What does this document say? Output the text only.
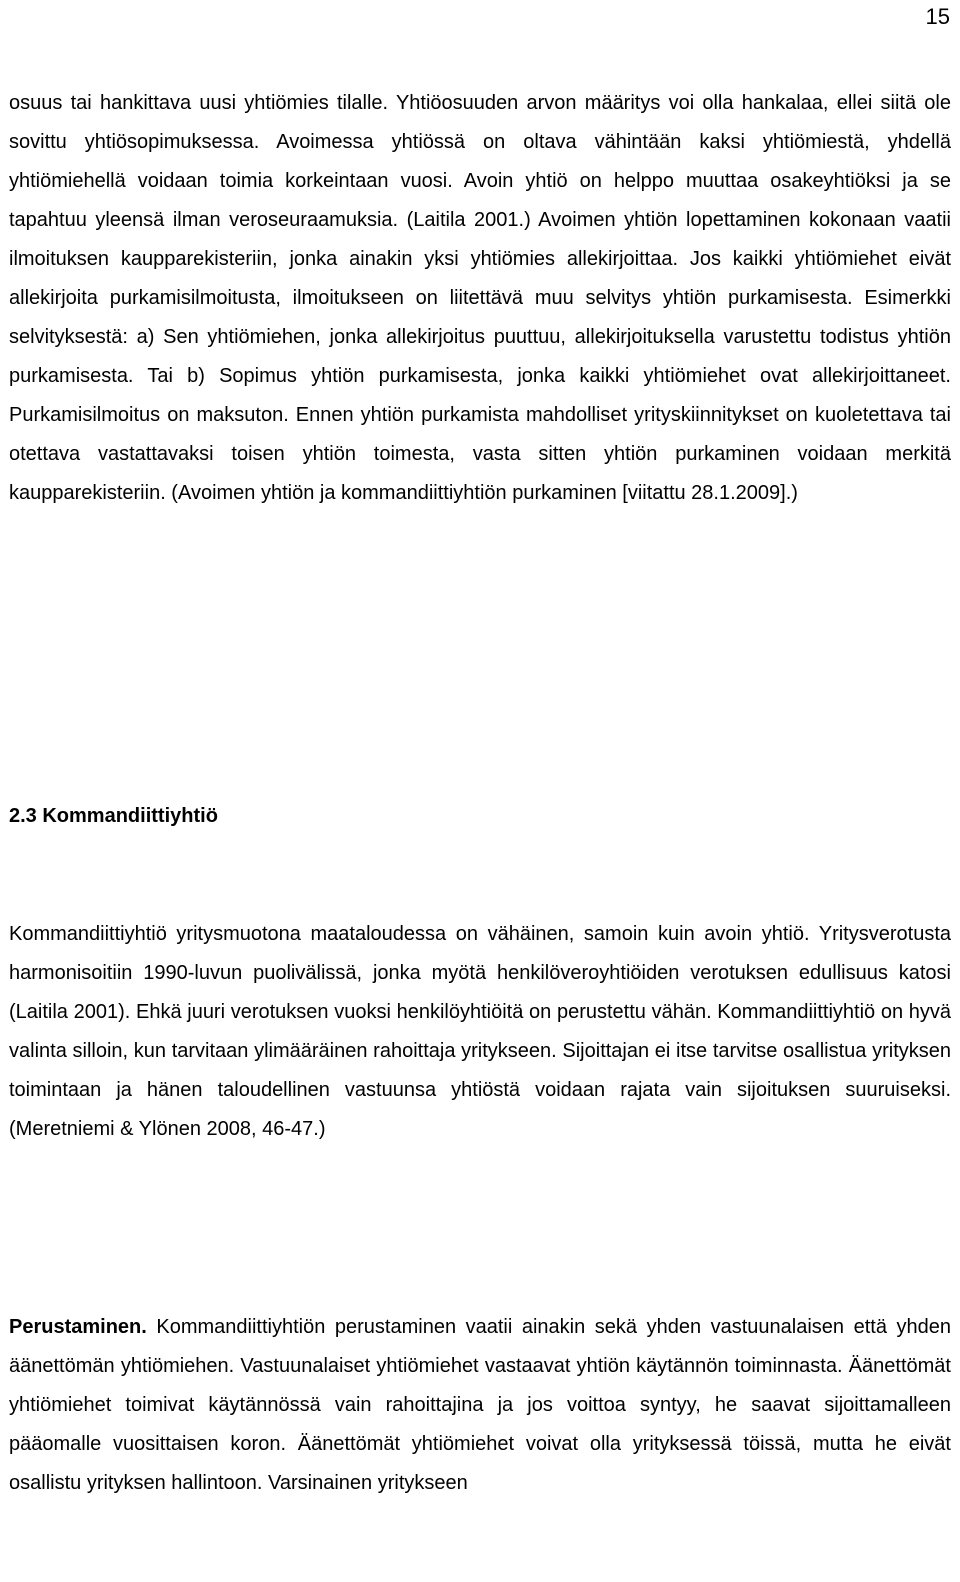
15

osuus tai hankittava uusi yhtiömies tilalle. Yhtiöosuuden arvon määritys voi olla hankalaa, ellei siitä ole sovittu yhtiösopimuksessa. Avoimessa yhtiössä on oltava vähintään kaksi yhtiömiestä, yhdellä yhtiömiehellä voidaan toimia korkeintaan vuosi. Avoin yhtiö on helppo muuttaa osakeyhtiöksi ja se tapahtuu yleensä ilman veroseuraamuksia. (Laitila 2001.) Avoimen yhtiön lopettaminen kokonaan vaatii ilmoituksen kaupparekisteriin, jonka ainakin yksi yhtiömies allekirjoittaa. Jos kaikki yhtiömiehet eivät allekirjoita purkamisilmoitusta, ilmoitukseen on liitettävä muu selvitys yhtiön purkamisesta. Esimerkki selvityksestä: a) Sen yhtiömiehen, jonka allekirjoitus puuttuu, allekirjoituksella varustettu todistus yhtiön purkamisesta. Tai b) Sopimus yhtiön purkamisesta, jonka kaikki yhtiömiehet ovat allekirjoittaneet. Purkamisilmoitus on maksuton. Ennen yhtiön purkamista mahdolliset yrityskiinnitykset on kuoletettava tai otettava vastattavaksi toisen yhtiön toimesta, vasta sitten yhtiön purkaminen voidaan merkitä kaupparekisteriin. (Avoimen yhtiön ja kommandiittiyhtiön purkaminen [viitattu 28.1.2009].)

2.3 Kommandiittiyhtiö

Kommandiittiyhtiö yritysmuotona maataloudessa on vähäinen, samoin kuin avoin yhtiö. Yritysverotusta harmonisoitiin 1990-luvun puolivälissä, jonka myötä henkilöveroyhtiöiden verotuksen edullisuus katosi (Laitila 2001). Ehkä juuri verotuksen vuoksi henkilöyhtiöitä on perustettu vähän. Kommandiittiyhtiö on hyvä valinta silloin, kun tarvitaan ylimääräinen rahoittaja yritykseen. Sijoittajan ei itse tarvitse osallistua yrityksen toimintaan ja hänen taloudellinen vastuunsa yhtiöstä voidaan rajata vain sijoituksen suuruiseksi. (Meretniemi & Ylönen 2008, 46-47.)

Perustaminen. Kommandiittiyhtiön perustaminen vaatii ainakin sekä yhden vastuunalaisen että yhden äänettömän yhtiömiehen. Vastuunalaiset yhtiömiehet vastaavat yhtiön käytännön toiminnasta. Äänettömät yhtiömiehet toimivat käytännössä vain rahoittajina ja jos voittoa syntyy, he saavat sijoittamalleen pääomalle vuosittaisen koron. Äänettömät yhtiömiehet voivat olla yrityksessä töissä, mutta he eivät osallistu yrityksen hallintoon. Varsinainen yritykseen
